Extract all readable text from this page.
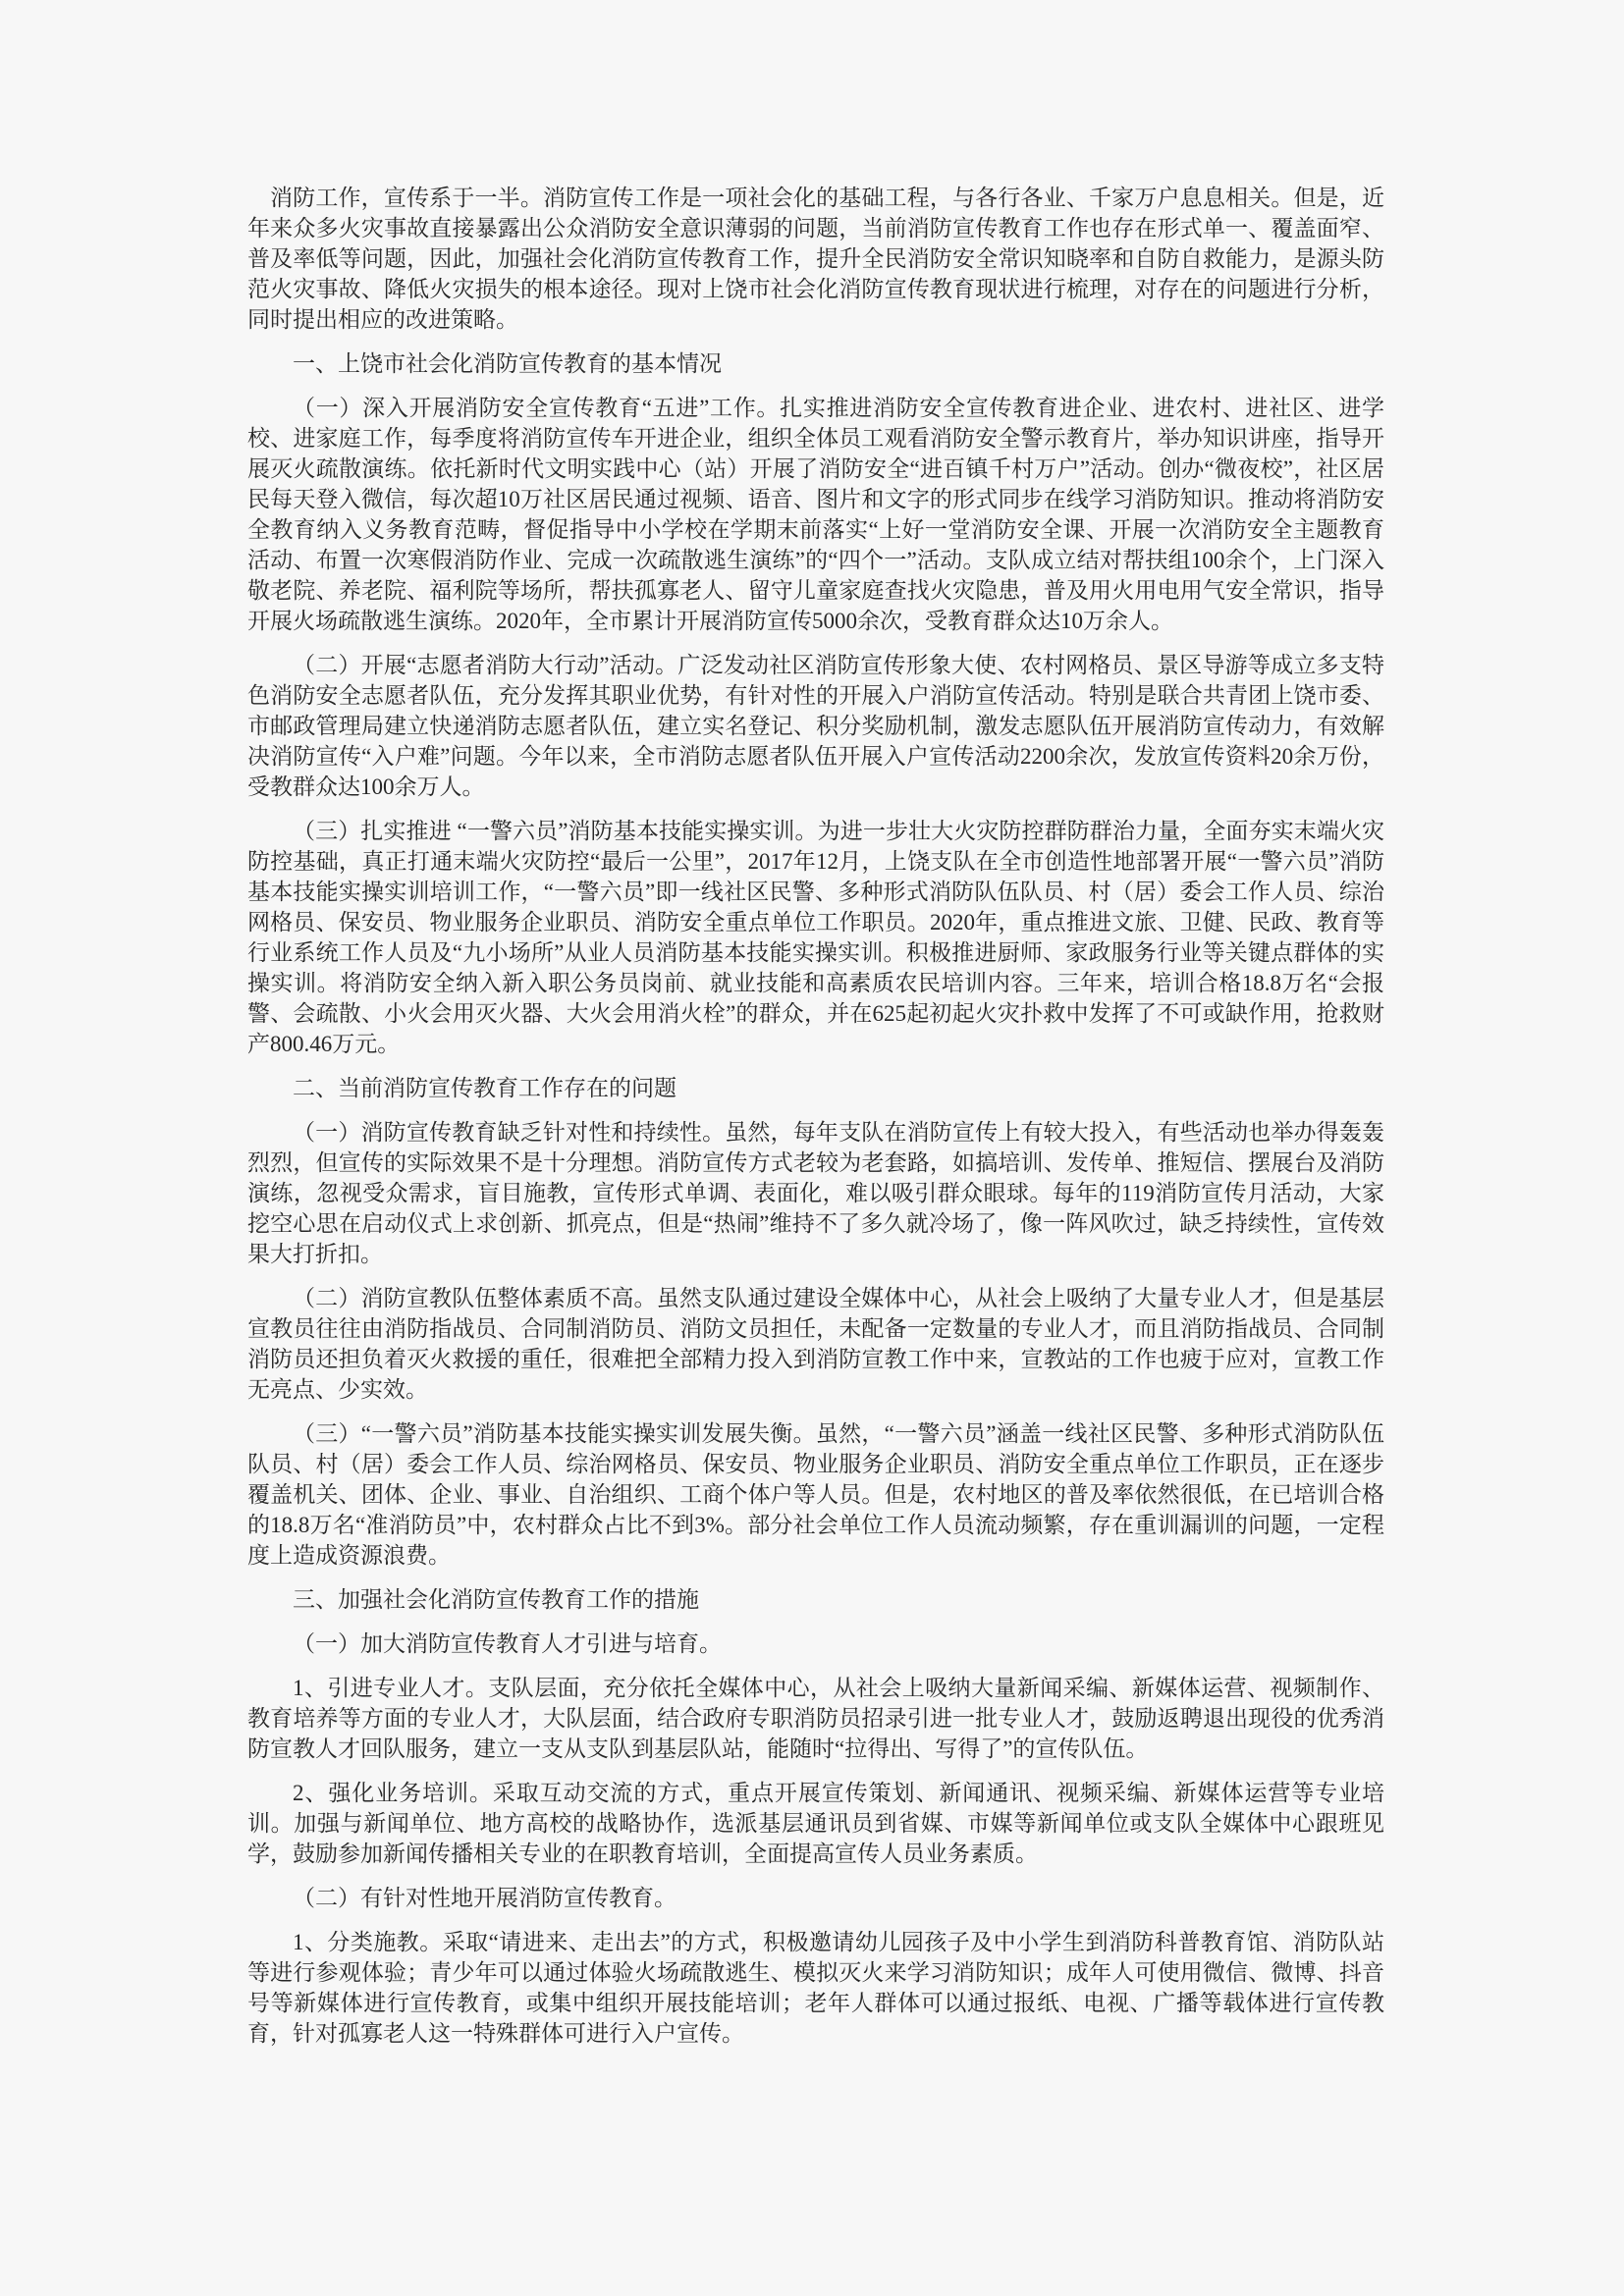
消防工作，宣传系于一半。消防宣传工作是一项社会化的基础工程，与各行各业、千家万户息息相关。但是，近年来众多火灾事故直接暴露出公众消防安全意识薄弱的问题，当前消防宣传教育工作也存在形式单一、覆盖面窄、普及率低等问题，因此，加强社会化消防宣传教育工作，提升全民消防安全常识知晓率和自防自救能力，是源头防范火灾事故、降低火灾损失的根本途径。现对上饶市社会化消防宣传教育现状进行梳理，对存在的问题进行分析，同时提出相应的改进策略。

一、上饶市社会化消防宣传教育的基本情况

（一）深入开展消防安全宣传教育“五进”工作。扎实推进消防安全宣传教育进企业、进农村、进社区、进学校、进家庭工作，每季度将消防宣传车开进企业，组织全体员工观看消防安全警示教育片，举办知识讲座，指导开展灭火疏散演练。依托新时代文明实践中心（站）开展了消防安全“进百镇千村万户”活动。创办“微夜校”，社区居民每天登入微信，每次超10万社区居民通过视频、语音、图片和文字的形式同步在线学习消防知识。推动将消防安全教育纳入义务教育范畴，督促指导中小学校在学期末前落实“上好一堂消防安全课、开展一次消防安全主题教育活动、布置一次寒假消防作业、完成一次疏散逃生演练”的“四个一”活动。支队成立结对帮扶组100余个，上门深入敬老院、养老院、福利院等场所，帮扶孤寡老人、留守儿童家庭查找火灾隐患，普及用火用电用气安全常识，指导开展火场疏散逃生演练。2020年，全市累计开展消防宣传5000余次，受教育群众达10万余人。

（二）开展“志愿者消防大行动”活动。广泛发动社区消防宣传形象大使、农村网格员、景区导游等成立多支特色消防安全志愿者队伍，充分发挥其职业优势，有针对性的开展入户消防宣传活动。特别是联合共青团上饶市委、市邮政管理局建立快递消防志愿者队伍，建立实名登记、积分奖励机制，激发志愿队伍开展消防宣传动力，有效解决消防宣传“入户难”问题。今年以来，全市消防志愿者队伍开展入户宣传活动2200余次，发放宣传资料20余万份，受教群众达100余万人。

（三）扎实推进 “一警六员”消防基本技能实操实训。为进一步壮大火灾防控群防群治力量，全面夯实末端火灾防控基础，真正打通末端火灾防控“最后一公里”，2017年12月，上饶支队在全市创造性地部署开展“一警六员”消防基本技能实操实训培训工作，“一警六员”即一线社区民警、多种形式消防队伍队员、村（居）委会工作人员、综治网格员、保安员、物业服务企业职员、消防安全重点单位工作职员。2020年，重点推进文旅、卫健、民政、教育等行业系统工作人员及“九小场所”从业人员消防基本技能实操实训。积极推进厨师、家政服务行业等关键点群体的实操实训。将消防安全纳入新入职公务员岗前、就业技能和高素质农民培训内容。三年来，培训合格18.8万名“会报警、会疏散、小火会用灭火器、大火会用消火栓”的群众，并在625起初起火灾扑救中发挥了不可或缺作用，抢救财产800.46万元。

二、当前消防宣传教育工作存在的问题

（一）消防宣传教育缺乏针对性和持续性。虽然，每年支队在消防宣传上有较大投入，有些活动也举办得轰轰烈烈，但宣传的实际效果不是十分理想。消防宣传方式老较为老套路，如搞培训、发传单、推短信、摆展台及消防演练，忽视受众需求，盲目施教，宣传形式单调、表面化，难以吸引群众眼球。每年的119消防宣传月活动，大家挖空心思在启动仪式上求创新、抓亮点，但是“热闹”维持不了多久就冷场了，像一阵风吹过，缺乏持续性，宣传效果大打折扣。

（二）消防宣教队伍整体素质不高。虽然支队通过建设全媒体中心，从社会上吸纳了大量专业人才，但是基层宣教员往往由消防指战员、合同制消防员、消防文员担任，未配备一定数量的专业人才，而且消防指战员、合同制消防员还担负着灭火救援的重任，很难把全部精力投入到消防宣教工作中来，宣教站的工作也疲于应对，宣教工作无亮点、少实效。

（三）“一警六员”消防基本技能实操实训发展失衡。虽然，“一警六员”涵盖一线社区民警、多种形式消防队伍队员、村（居）委会工作人员、综治网格员、保安员、物业服务企业职员、消防安全重点单位工作职员，正在逐步覆盖机关、团体、企业、事业、自治组织、工商个体户等人员。但是，农村地区的普及率依然很低，在已培训合格的18.8万名“准消防员”中，农村群众占比不到3%。部分社会单位工作人员流动频繁，存在重训漏训的问题，一定程度上造成资源浪费。

三、加强社会化消防宣传教育工作的措施

（一）加大消防宣传教育人才引进与培育。

1、引进专业人才。支队层面，充分依托全媒体中心，从社会上吸纳大量新闻采编、新媒体运营、视频制作、教育培养等方面的专业人才，大队层面，结合政府专职消防员招录引进一批专业人才，鼓励返聘退出现役的优秀消防宣教人才回队服务，建立一支从支队到基层队站，能随时“拉得出、写得了”的宣传队伍。

2、强化业务培训。采取互动交流的方式，重点开展宣传策划、新闻通讯、视频采编、新媒体运营等专业培训。加强与新闻单位、地方高校的战略协作，选派基层通讯员到省媒、市媒等新闻单位或支队全媒体中心跟班见学，鼓励参加新闻传播相关专业的在职教育培训，全面提高宣传人员业务素质。

（二）有针对性地开展消防宣传教育。

1、分类施教。采取“请进来、走出去”的方式，积极邀请幼儿园孩子及中小学生到消防科普教育馆、消防队站等进行参观体验；青少年可以通过体验火场疏散逃生、模拟灭火来学习消防知识；成年人可使用微信、微博、抖音号等新媒体进行宣传教育，或集中组织开展技能培训；老年人群体可以通过报纸、电视、广播等载体进行宣传教育，针对孤寡老人这一特殊群体可进行入户宣传。
